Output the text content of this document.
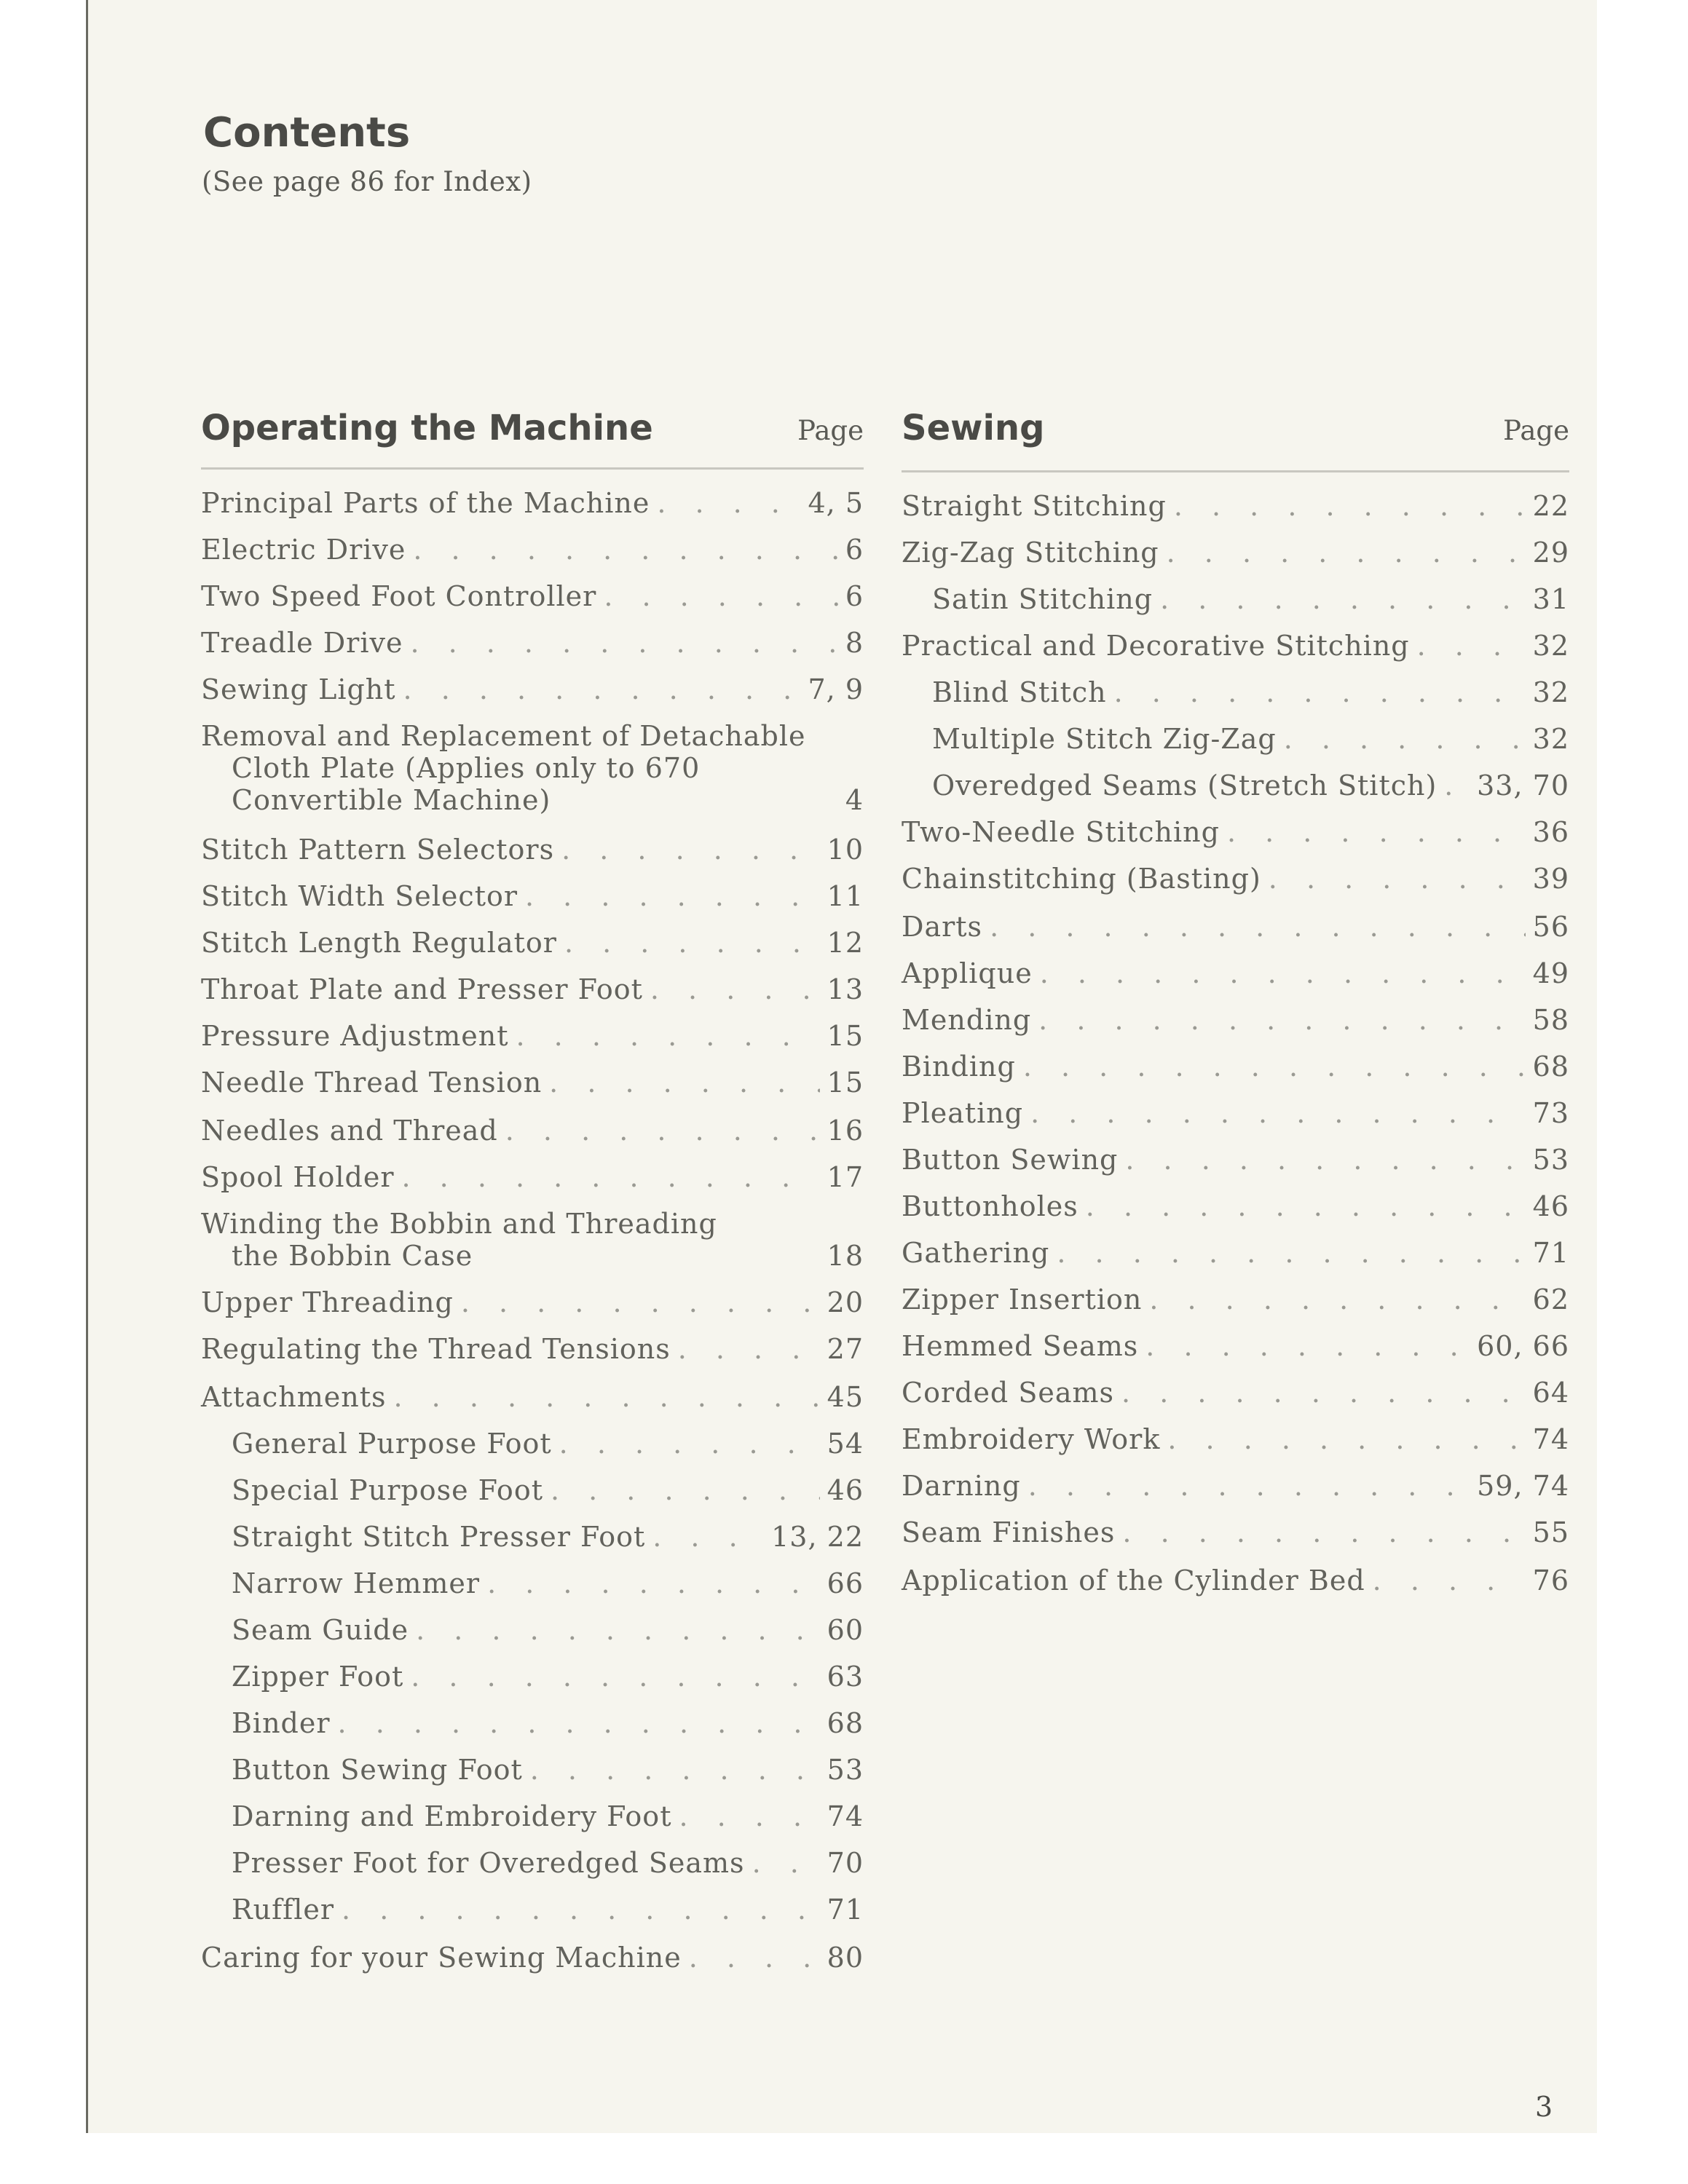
Contents
(See page 86 for Index)
Operating the Machine	Page
Principal Parts of the Machine . . .	4, 5
Electric Drive . . .	6
Two Speed Foot Controller . . .	6
Treadle Drive . . .	8
Sewing Light . . .	7, 9
Removal and Replacement of Detachable Cloth Plate (Applies only to 670 Convertible Machine)	4
Stitch Pattern Selectors . . .	10
Stitch Width Selector . . .	11
Stitch Length Regulator . . .	12
Throat Plate and Presser Foot . . .	13
Pressure Adjustment . . .	15
Needle Thread Tension . . .	15
Needles and Thread . . .	16
Spool Holder . . .	17
Winding the Bobbin and Threading the Bobbin Case	18
Upper Threading . . .	20
Regulating the Thread Tensions . . .	27
Attachments . . .	45
General Purpose Foot . . .	54
Special Purpose Foot . . .	46
Straight Stitch Presser Foot . . .	13, 22
Narrow Hemmer . . .	66
Seam Guide . . .	60
Zipper Foot . . .	63
Binder . . .	68
Button Sewing Foot . . .	53
Darning and Embroidery Foot . . .	74
Presser Foot for Overedged Seams . . .	70
Ruffler . . .	71
Caring for your Sewing Machine . . .	80
Sewing	Page
Straight Stitching . . .	22
Zig-Zag Stitching . . .	29
Satin Stitching . . .	31
Practical and Decorative Stitching . . .	32
Blind Stitch . . .	32
Multiple Stitch Zig-Zag . . .	32
Overedged Seams (Stretch Stitch) . . . 33, 70
Two-Needle Stitching . . .	36
Chainstitching (Basting) . . .	39
Darts . . .	56
Applique . . .	49
Mending . . .	58
Binding . . .	68
Pleating . . .	73
Button Sewing . . .	53
Buttonholes . . .	46
Gathering . . .	71
Zipper Insertion . . .	62
Hemmed Seams . . .	60, 66
Corded Seams . . .	64
Embroidery Work . . .	74
Darning . . .	59, 74
Seam Finishes . . .	55
Application of the Cylinder Bed . . .	76
3
